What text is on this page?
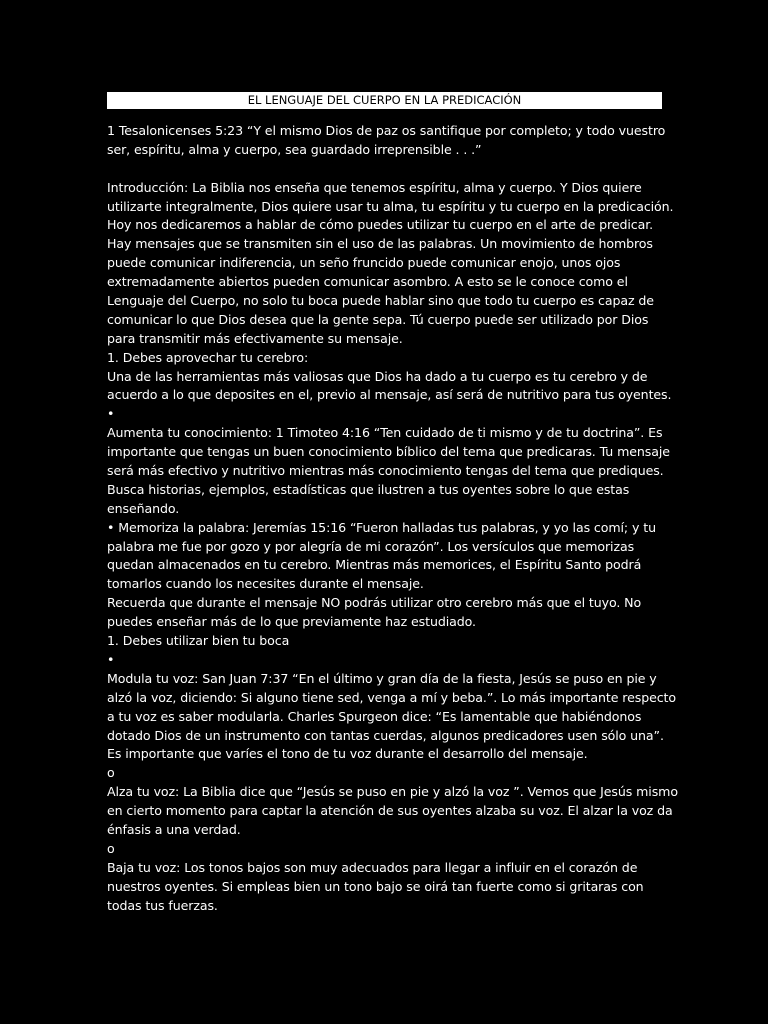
EL LENGUAJE DEL CUERPO EN LA PREDICACIÓN
1 Tesalonicenses 5:23 “Y el mismo Dios de paz os santifique por completo; y todo vuestro
ser, espíritu, alma y cuerpo, sea guardado irreprensible . . .”
Introducción: La Biblia nos enseña que tenemos espíritu, alma y cuerpo. Y Dios quiere
utilizarte integralmente, Dios quiere usar tu alma, tu espíritu y tu cuerpo en la predicación.
Hoy nos dedicaremos a hablar de cómo puedes utilizar tu cuerpo en el arte de predicar.
Hay mensajes que se transmiten sin el uso de las palabras. Un movimiento de hombros
puede comunicar indiferencia, un seño fruncido puede comunicar enojo, unos ojos
extremadamente abiertos pueden comunicar asombro. A esto se le conoce como el
Lenguaje del Cuerpo, no solo tu boca puede hablar sino que todo tu cuerpo es capaz de
comunicar lo que Dios desea que la gente sepa. Tú cuerpo puede ser utilizado por Dios
para transmitir más efectivamente su mensaje.
1. Debes aprovechar tu cerebro:
Una de las herramientas más valiosas que Dios ha dado a tu cuerpo es tu cerebro y de
acuerdo a lo que deposites en el, previo al mensaje, así será de nutritivo para tus oyentes.
•
Aumenta tu conocimiento: 1 Timoteo 4:16 “Ten cuidado de ti mismo y de tu doctrina”. Es
importante que tengas un buen conocimiento bíblico del tema que predicaras. Tu mensaje
será más efectivo y nutritivo mientras más conocimiento tengas del tema que prediques.
Busca historias, ejemplos, estadísticas que ilustren a tus oyentes sobre lo que estas
enseñando.
• Memoriza la palabra: Jeremías 15:16 “Fueron halladas tus palabras, y yo las comí; y tu
palabra me fue por gozo y por alegría de mi corazón”. Los versículos que memorizas
quedan almacenados en tu cerebro. Mientras más memorices, el Espíritu Santo podrá
tomarlos cuando los necesites durante el mensaje.
Recuerda que durante el mensaje NO podrás utilizar otro cerebro más que el tuyo. No
puedes enseñar más de lo que previamente haz estudiado.
1. Debes utilizar bien tu boca
•
Modula tu voz: San Juan 7:37 “En el último y gran día de la fiesta, Jesús se puso en pie y
alzó la voz, diciendo: Si alguno tiene sed, venga a mí y beba.”. Lo más importante respecto
a tu voz es saber modularla. Charles Spurgeon dice: “Es lamentable que habiéndonos
dotado Dios de un instrumento con tantas cuerdas, algunos predicadores usen sólo una”.
Es importante que varíes el tono de tu voz durante el desarrollo del mensaje.
o
Alza tu voz: La Biblia dice que “Jesús se puso en pie y alzó la voz ”. Vemos que Jesús mismo
en cierto momento para captar la atención de sus oyentes alzaba su voz. El alzar la voz da
énfasis a una verdad.
o
Baja tu voz: Los tonos bajos son muy adecuados para llegar a influir en el corazón de
nuestros oyentes. Si empleas bien un tono bajo se oirá tan fuerte como si gritaras con
todas tus fuerzas.
